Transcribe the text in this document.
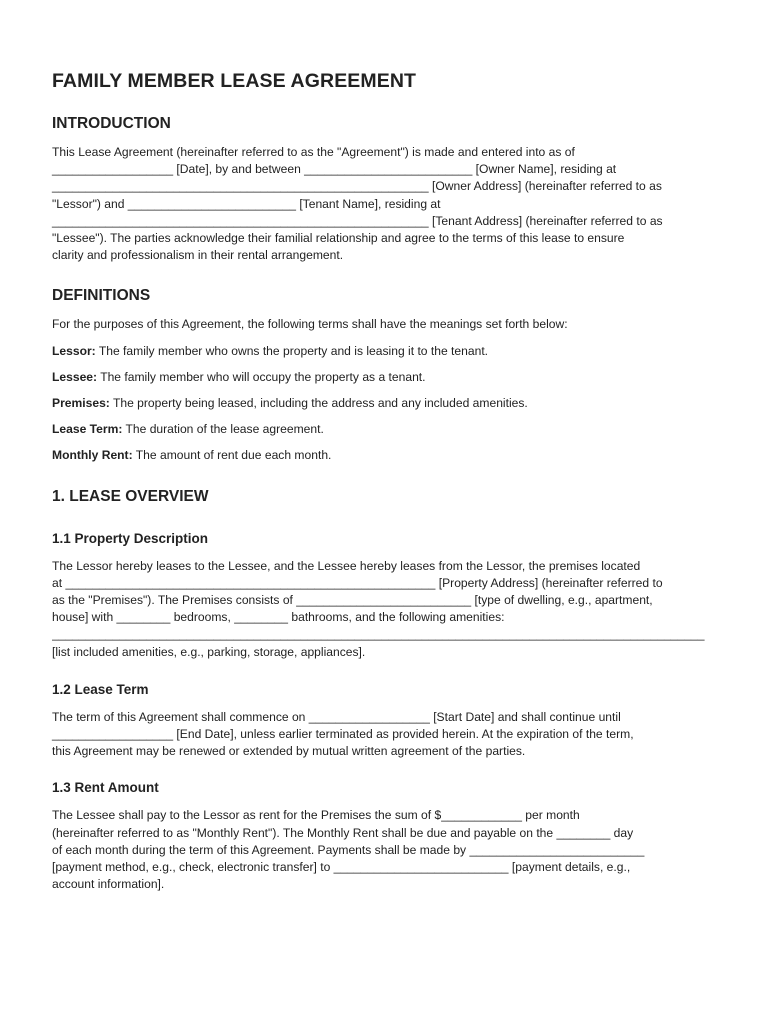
FAMILY MEMBER LEASE AGREEMENT
INTRODUCTION

This Lease Agreement (hereinafter referred to as the "Agreement") is made and entered into as of
__________________ [Date], by and between _________________________ [Owner Name], residing at
________________________________________________________ [Owner Address] (hereinafter referred to as
"Lessor") and _________________________ [Tenant Name], residing at
________________________________________________________ [Tenant Address] (hereinafter referred to as
"Lessee"). The parties acknowledge their familial relationship and agree to the terms of this lease to ensure
clarity and professionalism in their rental arrangement.

DEFINITIONS

For the purposes of this Agreement, the following terms shall have the meanings set forth below:

Lessor: The family member who owns the property and is leasing it to the tenant.

Lessee: The family member who will occupy the property as a tenant.

Premises: The property being leased, including the address and any included amenities.

Lease Term: The duration of the lease agreement.

Monthly Rent: The amount of rent due each month.

1. LEASE OVERVIEW
1.1 Property Description

The Lessor hereby leases to the Lessee, and the Lessee hereby leases from the Lessor, the premises located
at _______________________________________________________ [Property Address] (hereinafter referred to
as the "Premises"). The Premises consists of __________________________ [type of dwelling, e.g., apartment,
house] with ________ bedrooms, ________ bathrooms, and the following amenities:
_________________________________________________________________________________________________
[list included amenities, e.g., parking, storage, appliances].

1.2 Lease Term

The term of this Agreement shall commence on __________________ [Start Date] and shall continue until
__________________ [End Date], unless earlier terminated as provided herein. At the expiration of the term,
this Agreement may be renewed or extended by mutual written agreement of the parties.

1.3 Rent Amount

The Lessee shall pay to the Lessor as rent for the Premises the sum of $____________ per month
(hereinafter referred to as "Monthly Rent"). The Monthly Rent shall be due and payable on the ________ day
of each month during the term of this Agreement. Payments shall be made by __________________________
[payment method, e.g., check, electronic transfer] to __________________________ [payment details, e.g.,
account information].
